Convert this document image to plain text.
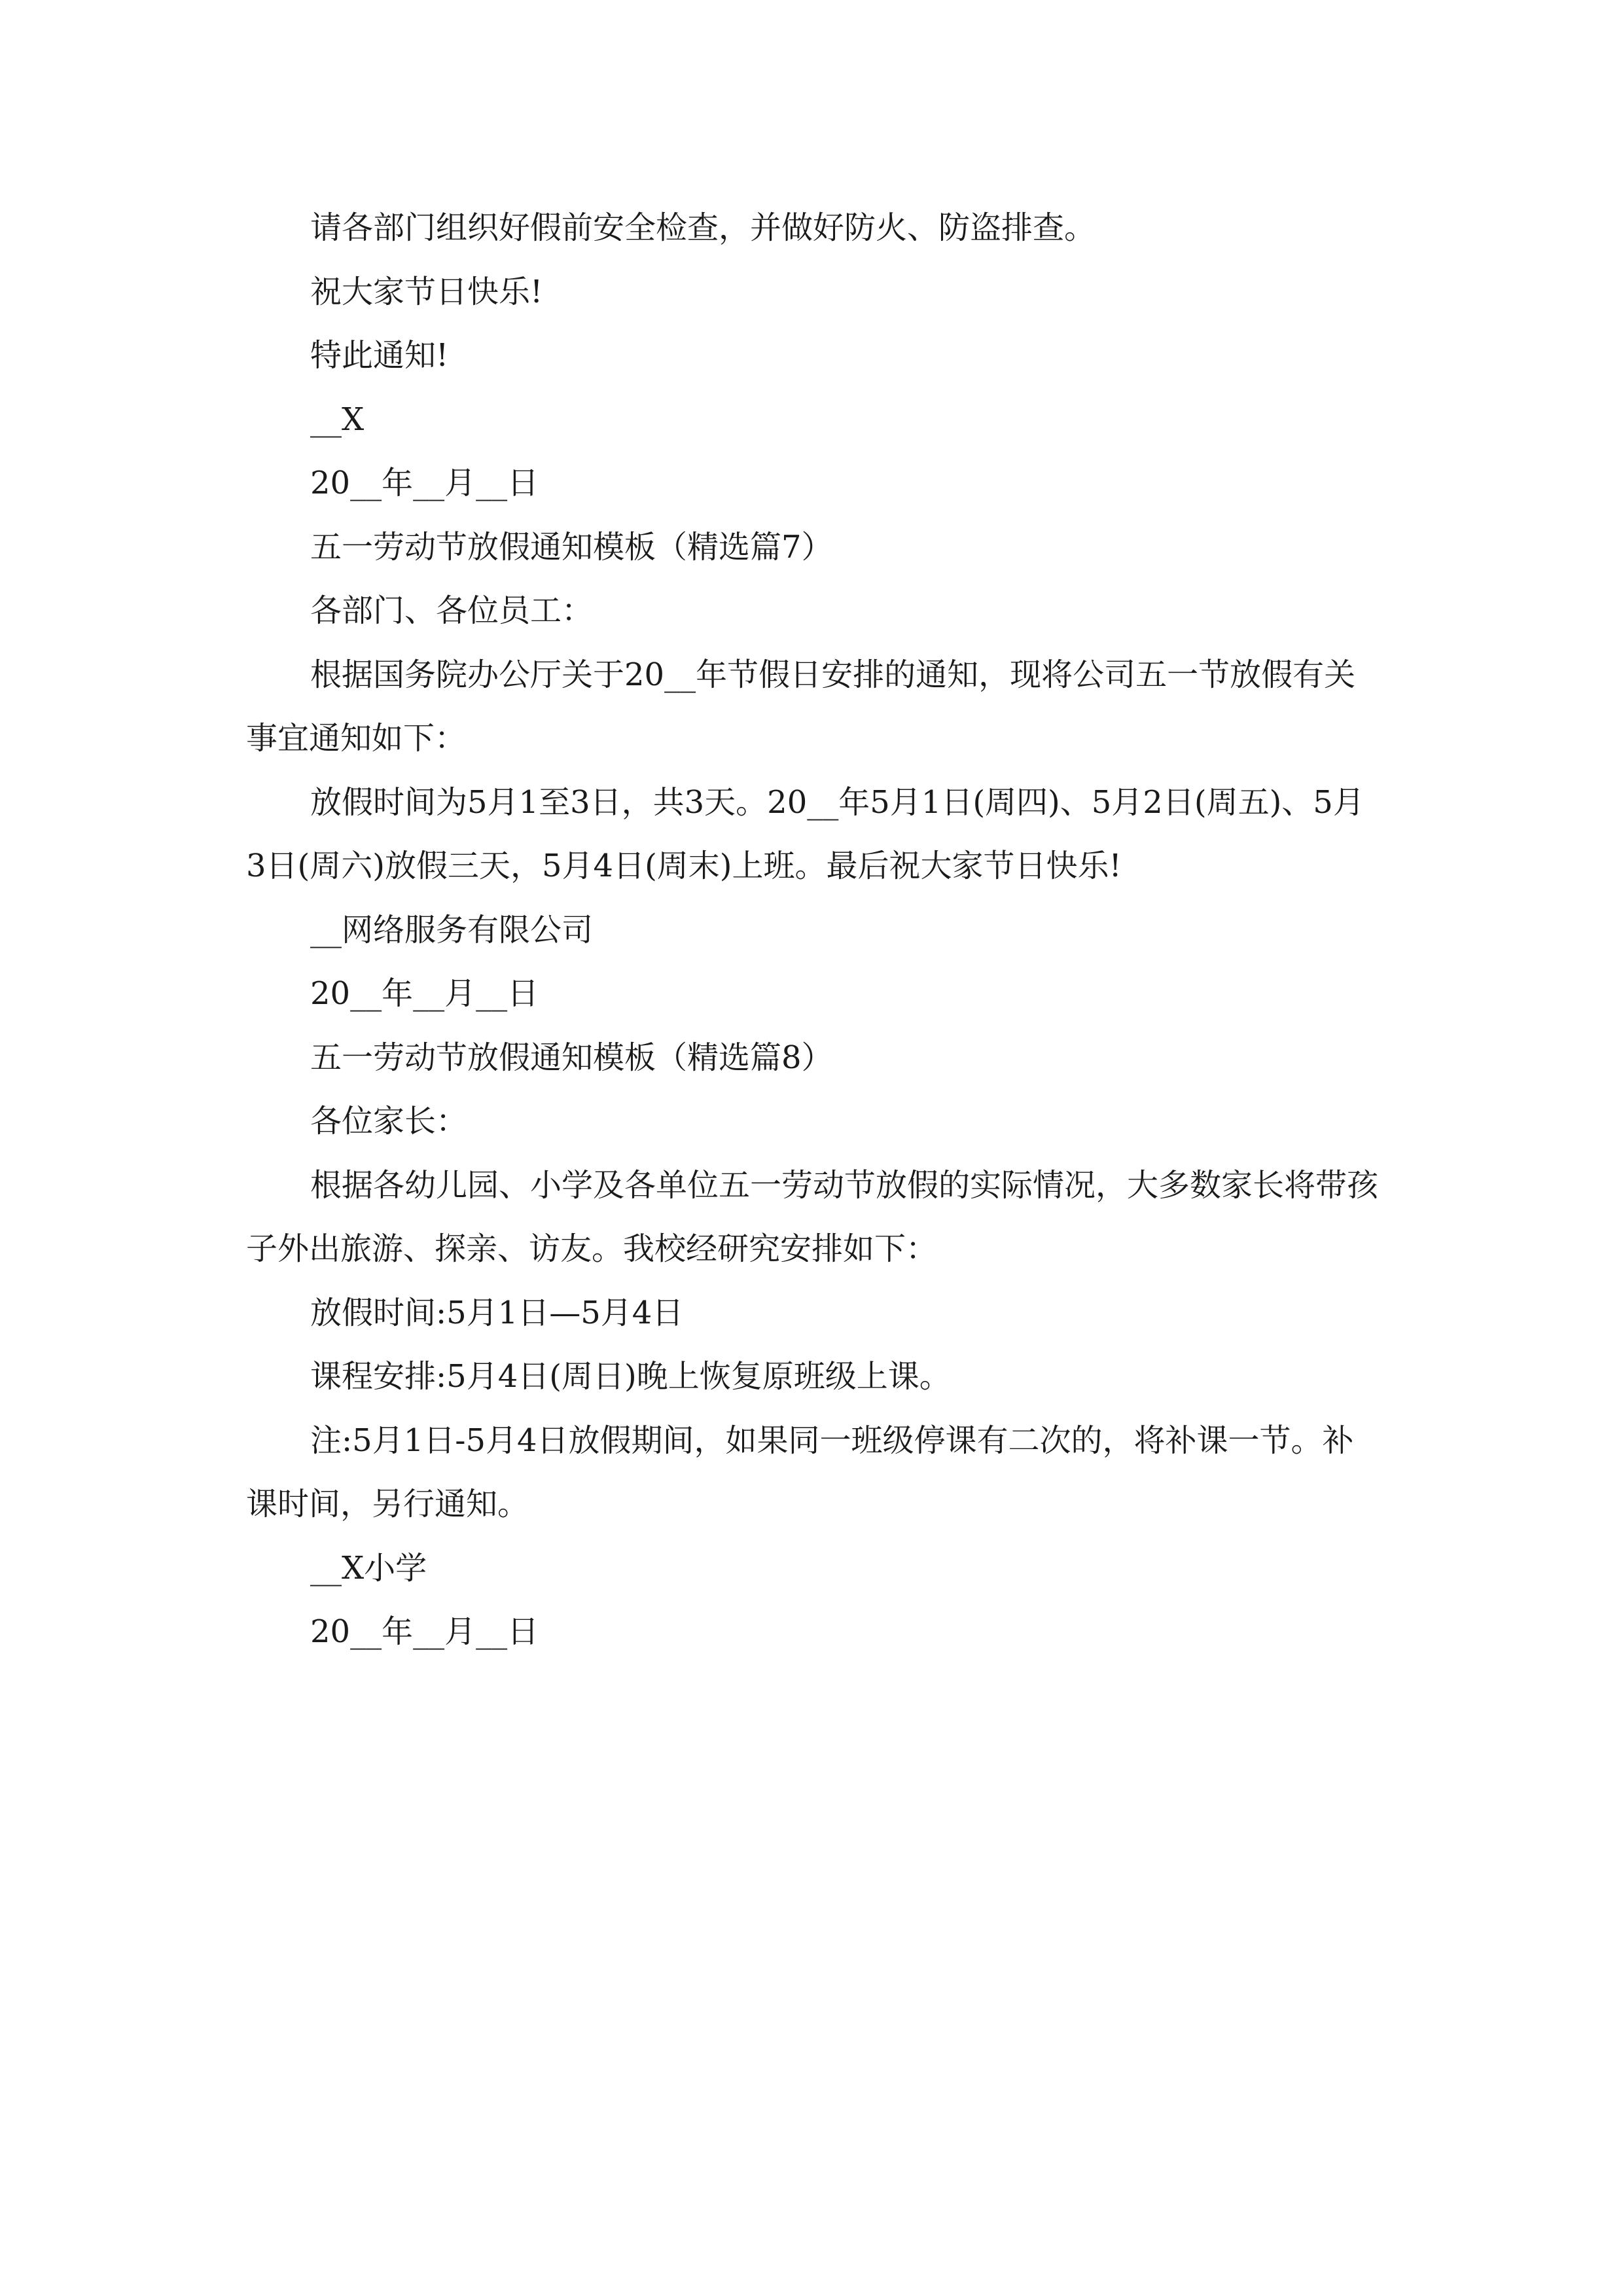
请各部门组织好假前安全检查，并做好防火、防盗排查。

祝大家节日快乐!

特此通知!

__X

20__年__月__日

五一劳动节放假通知模板（精选篇7）

各部门、各位员工：

根据国务院办公厅关于20__年节假日安排的通知，现将公司五一节放假有关事宜通知如下：

放假时间为5月1至3日，共3天。20__年5月1日(周四)、5月2日(周五)、5月3日(周六)放假三天，5月4日(周末)上班。最后祝大家节日快乐!

__网络服务有限公司

20__年__月__日

五一劳动节放假通知模板（精选篇8）

各位家长：

根据各幼儿园、小学及各单位五一劳动节放假的实际情况，大多数家长将带孩子外出旅游、探亲、访友。我校经研究安排如下：

放假时间:5月1日—5月4日

课程安排:5月4日(周日)晚上恢复原班级上课。

注:5月1日-5月4日放假期间，如果同一班级停课有二次的，将补课一节。补课时间，另行通知。

__X小学

20__年__月__日
